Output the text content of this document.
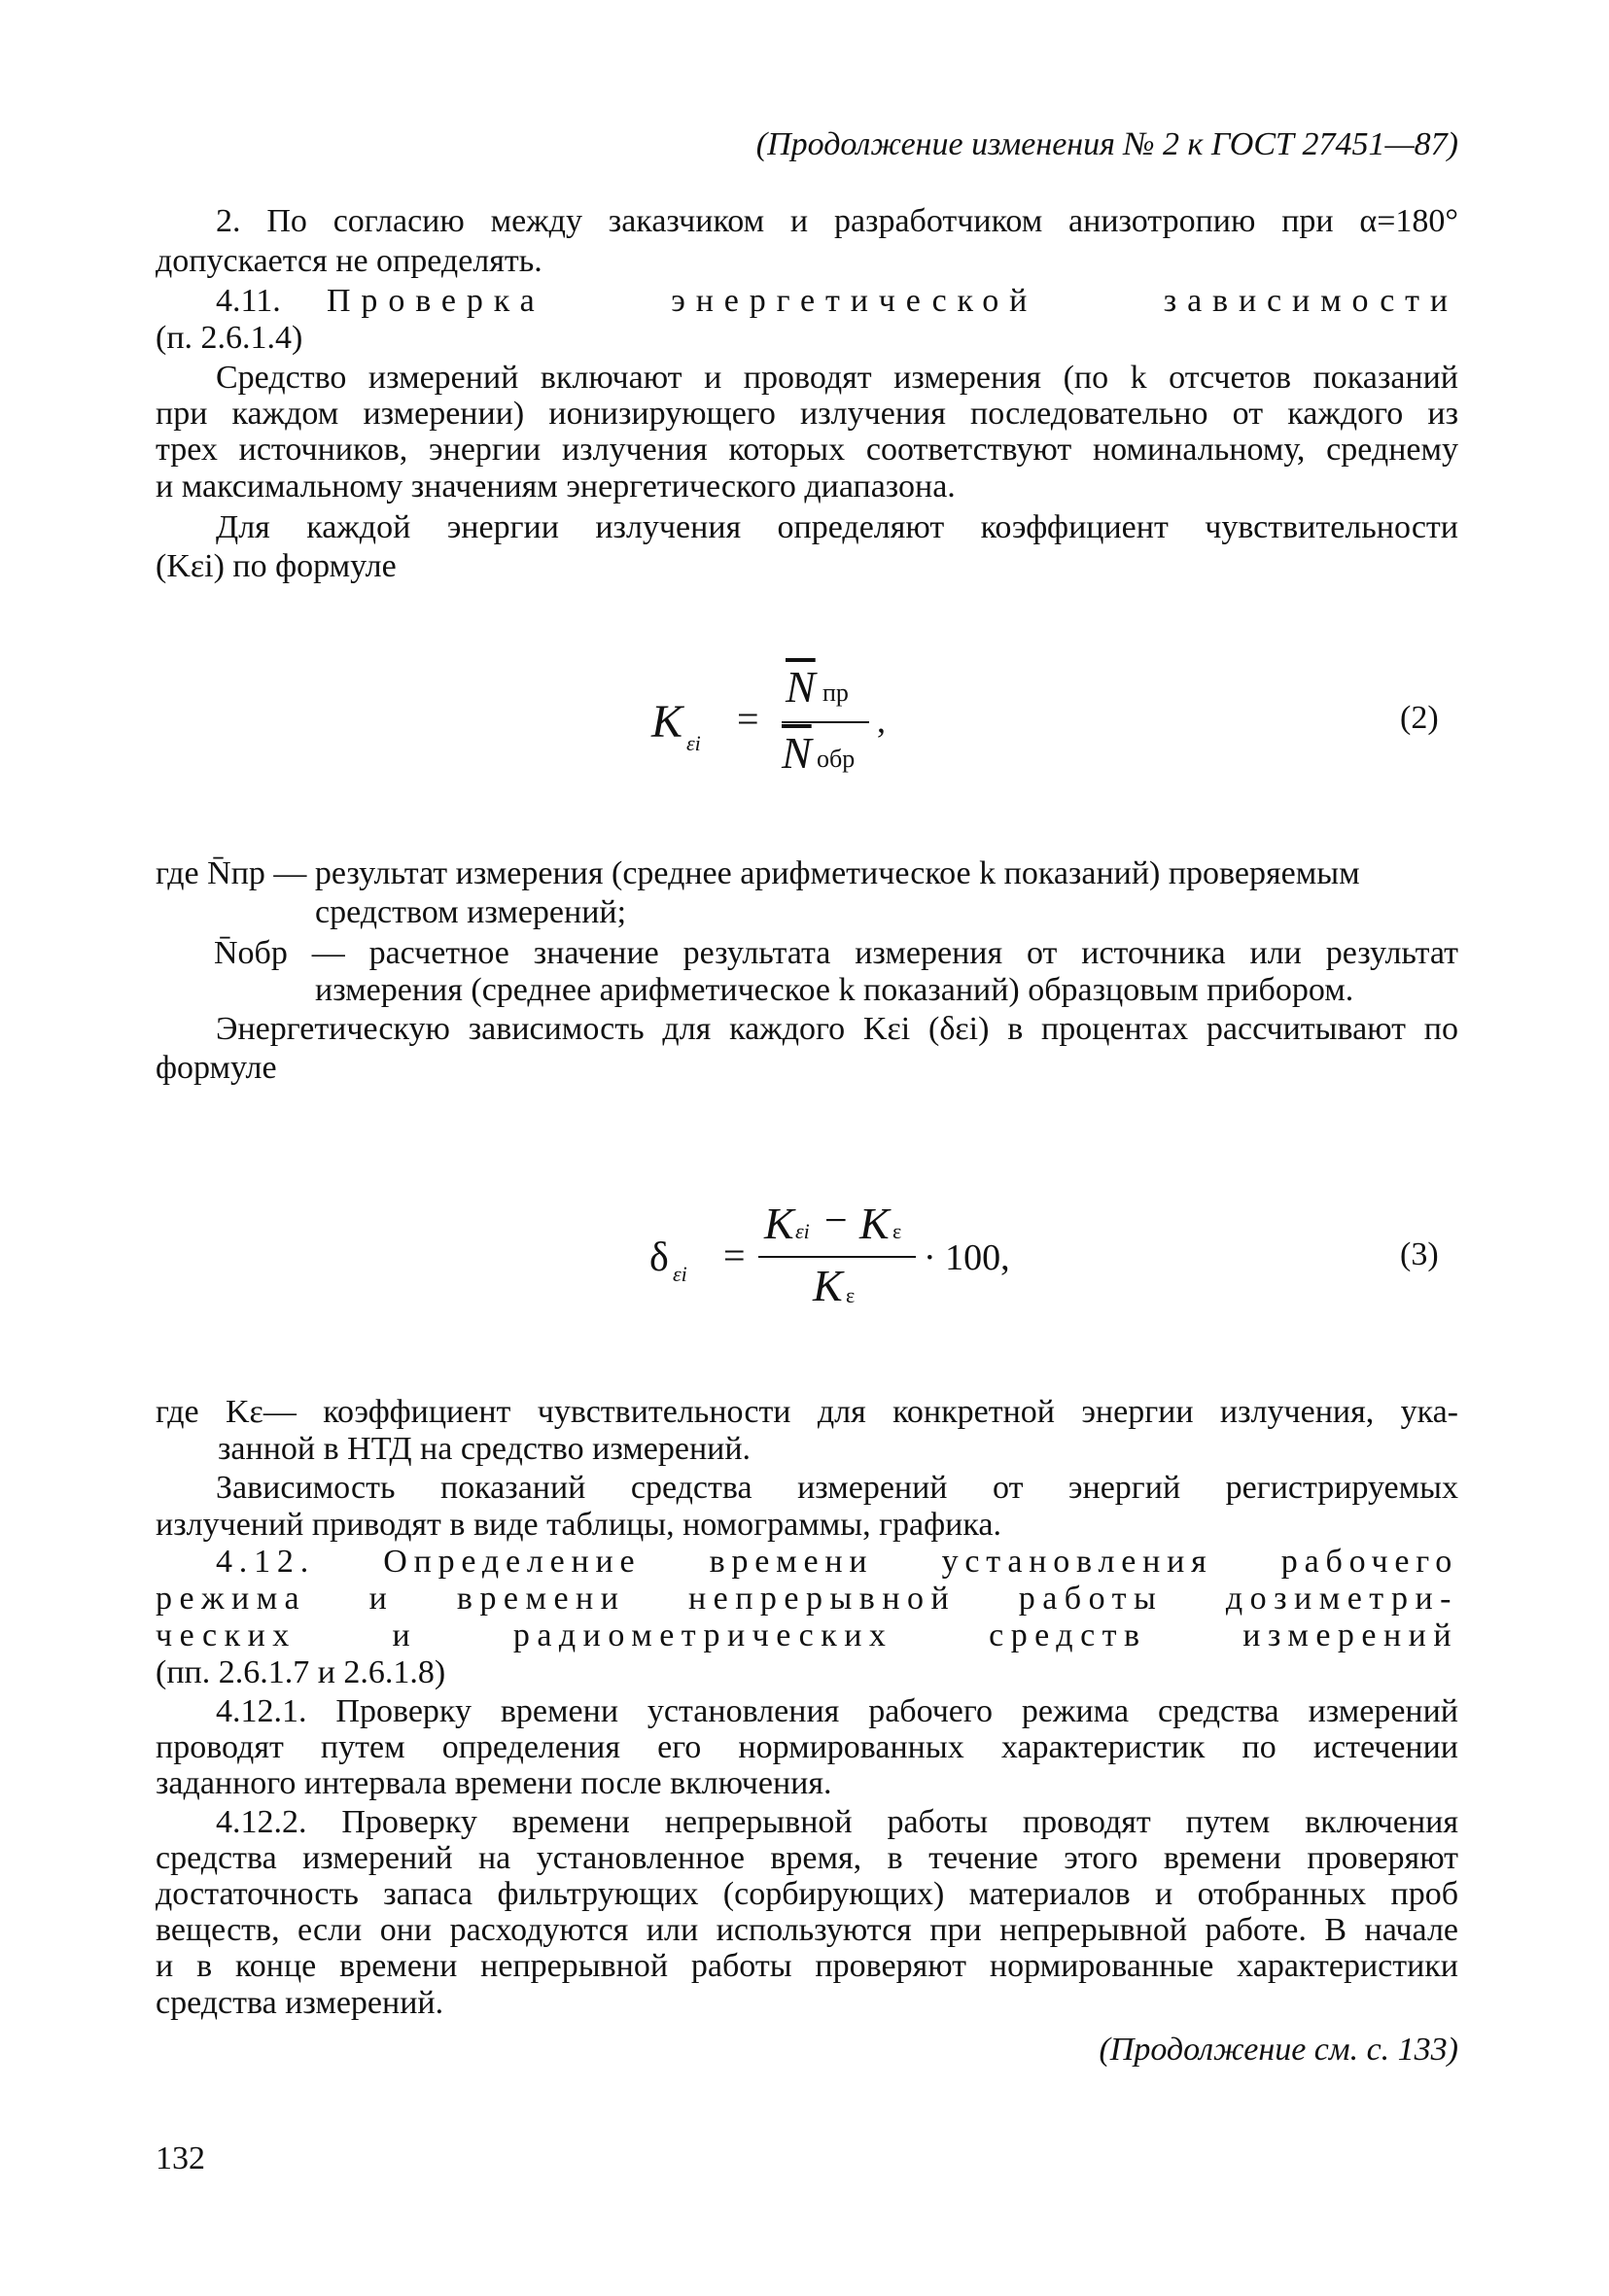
(Продолжение изменения № 2 к ГОСТ 27451—87)
2. По согласию между заказчиком и разработчиком анизотропию при α=180°
допускается не определять.
4.11. Проверка энергетической зависимости
(п. 2.6.1.4)
Средство измерений включают и проводят измерения (по k отсчетов показаний
при каждом измерении) ионизирующего излучения последовательно от каждого из
трех источников, энергии излучения которых соответствуют номинальному, среднему
и максимальному значениям энергетического диапазона.
Для каждой энергии излучения определяют коэффициент чувствительности
(Kεi) по формуле
K εi
=
$\overline{N}$ пр
$\overline{N}$ обр
,	(2)
где N̄пр — результат измерения (среднее арифметическое k показаний) проверяемым
средством измерений;
N̄обр — расчетное значение результата измерения от источника или результат
измерения (среднее арифметическое k показаний) образцовым прибором.
Энергетическую зависимость для каждого Kεi (δεi) в процентах рассчитывают по
формуле
δ εi =
K εi − K ε
K ε
· 100,	(3)
где Kε— коэффициент чувствительности для конкретной энергии излучения, ука-
занной в НТД на средство измерений.
Зависимость показаний средства измерений от энергий регистрируемых
излучений приводят в виде таблицы, номограммы, графика.
4.12. Определение времени установления рабочего
режима и времени непрерывной работы дозиметри-
ческих и радиометрических средств измерений
(пп. 2.6.1.7 и 2.6.1.8)
4.12.1. Проверку времени установления рабочего режима средства измерений
проводят путем определения его нормированных характеристик по истечении
заданного интервала времени после включения.
4.12.2. Проверку времени непрерывной работы проводят путем включения
средства измерений на установленное время, в течение этого времени проверяют
достаточность запаса фильтрующих (сорбирующих) материалов и отобранных проб
веществ, если они расходуются или используются при непрерывной работе. В начале
и в конце времени непрерывной работы проверяют нормированные характеристики
средства измерений.
(Продолжение см. с. 133)
132
